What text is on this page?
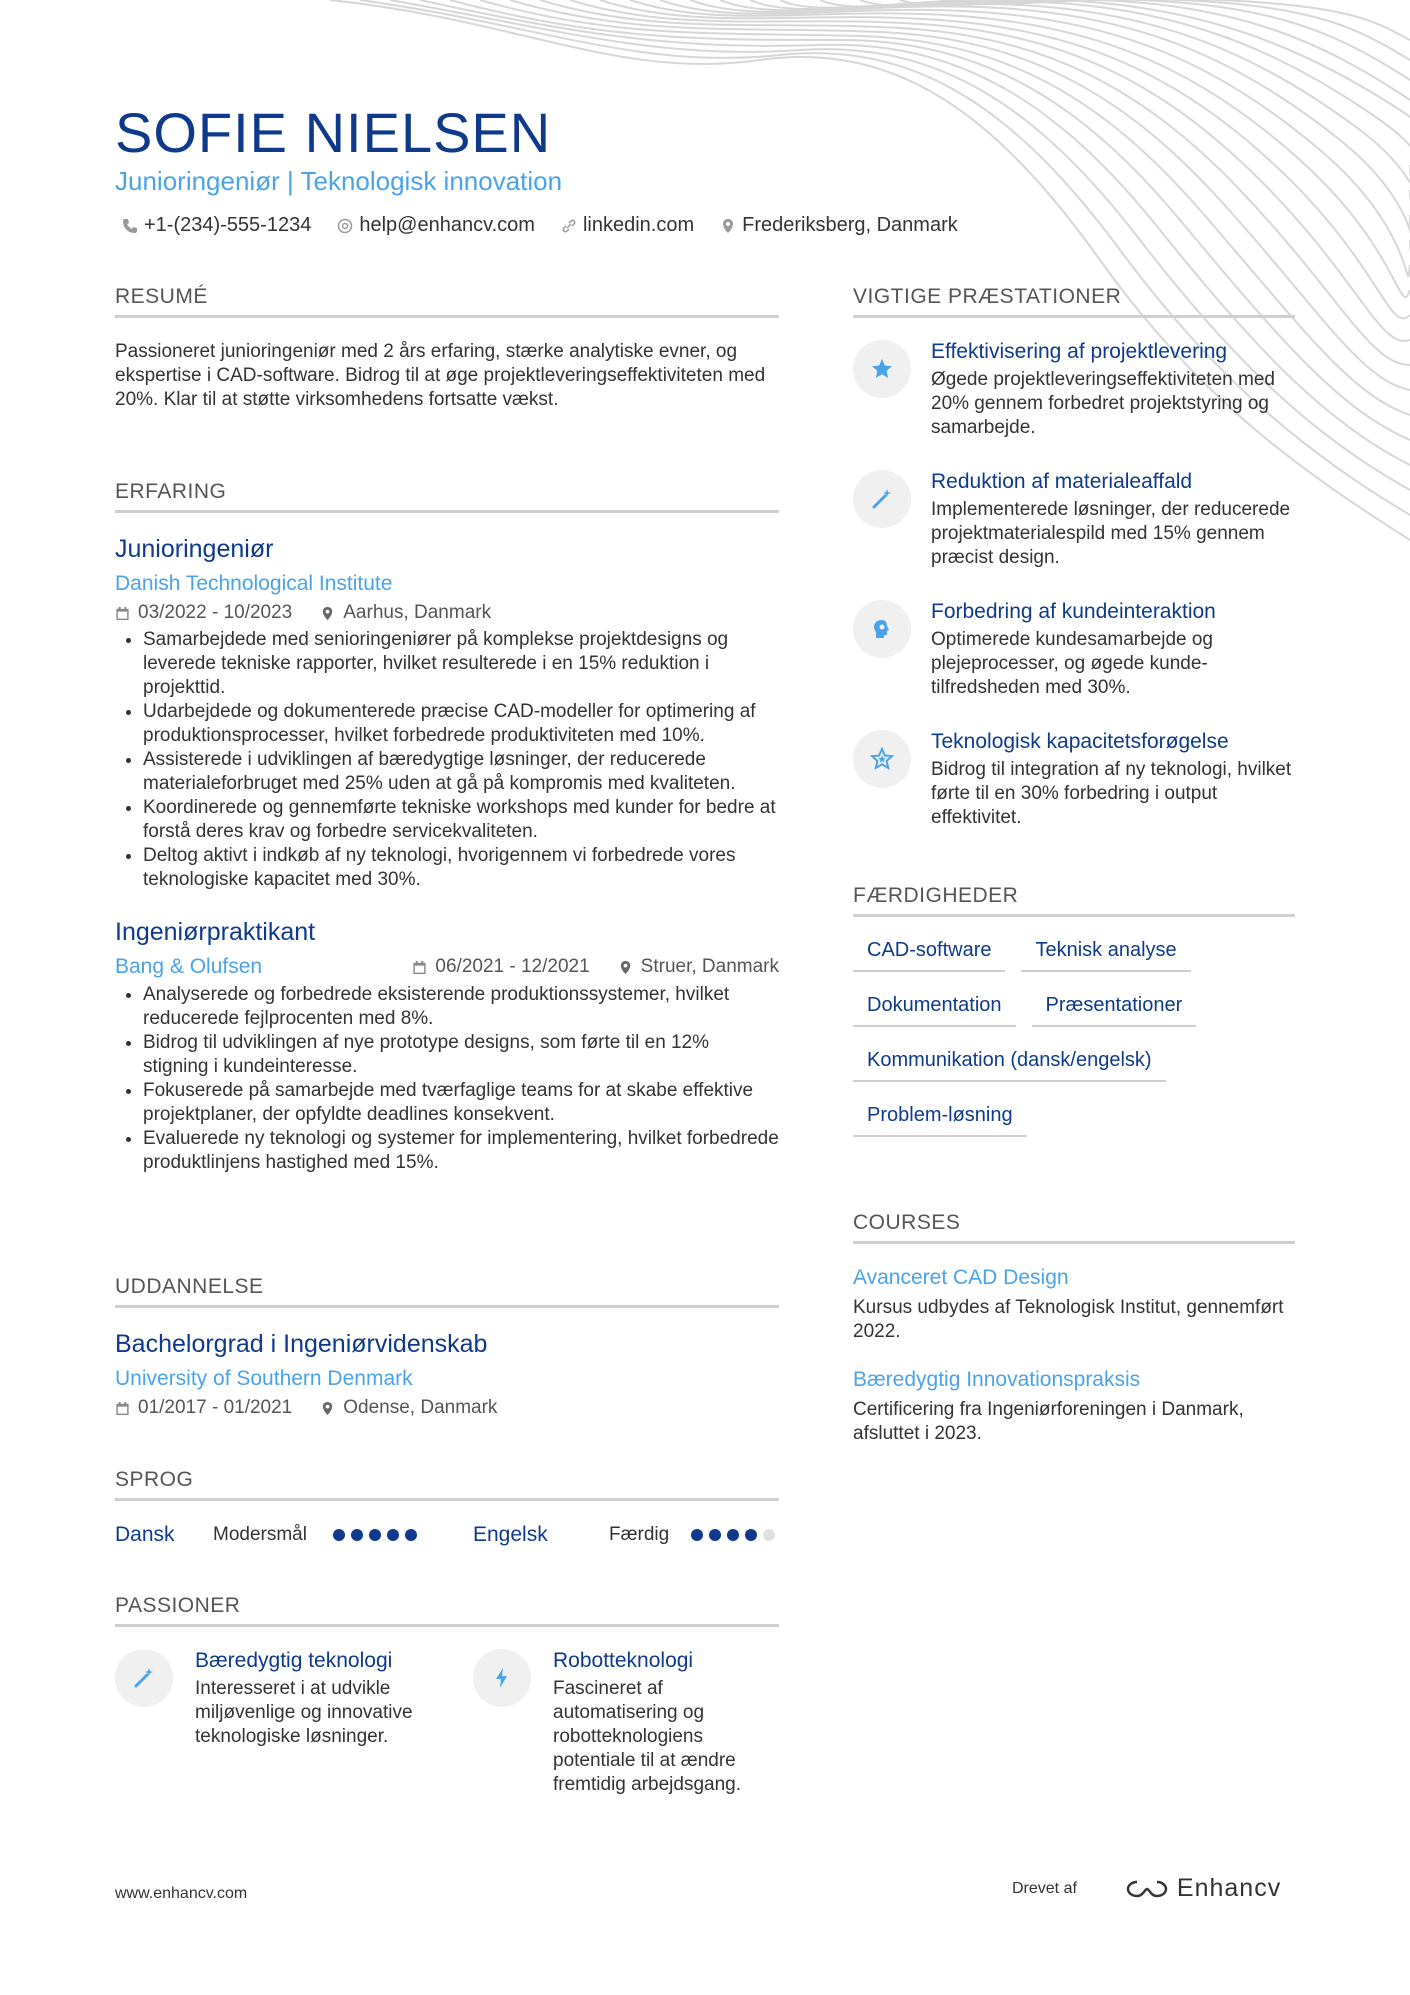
SOFIE NIELSEN
Junioringeniør | Teknologisk innovation
+1-(234)-555-1234 help@enhancv.com linkedin.com Frederiksberg, Danmark
RESUMÉ
Passioneret junioringeniør med 2 års erfaring, stærke analytiske evner, og ekspertise i CAD-software. Bidrog til at øge projektleveringseffektiviteten med 20%. Klar til at støtte virksomhedens fortsatte vækst.
ERFARING
Junioringeniør
Danish Technological Institute
03/2022 - 10/2023	Aarhus, Danmark
• Samarbejdede med senioringeniører på komplekse projektdesigns og leverede tekniske rapporter, hvilket resulterede i en 15% reduktion i projekttid.
• Udarbejdede og dokumenterede præcise CAD-modeller for optimering af produktionsprocesser, hvilket forbedrede produktiviteten med 10%.
• Assisterede i udviklingen af bæredygtige løsninger, der reducerede materialeforbruget med 25% uden at gå på kompromis med kvaliteten.
• Koordinerede og gennemførte tekniske workshops med kunder for bedre at forstå deres krav og forbedre servicekvaliteten.
• Deltog aktivt i indkøb af ny teknologi, hvorigennem vi forbedrede vores teknologiske kapacitet med 30%.
Ingeniørpraktikant
Bang & Olufsen	06/2021 - 12/2021	Struer, Danmark
• Analyserede og forbedrede eksisterende produktionssystemer, hvilket reducerede fejlprocenten med 8%.
• Bidrog til udviklingen af nye prototype designs, som førte til en 12% stigning i kundeinteresse.
• Fokuserede på samarbejde med tværfaglige teams for at skabe effektive projektplaner, der opfyldte deadlines konsekvent.
• Evaluerede ny teknologi og systemer for implementering, hvilket forbedrede produktlinjens hastighed med 15%.
UDDANNELSE
Bachelorgrad i Ingeniørvidenskab
University of Southern Denmark
01/2017 - 01/2021	Odense, Danmark
SPROG
Dansk	Modersmål	Engelsk	Færdig
PASSIONER
Bæredygtig teknologi
Interesseret i at udvikle miljøvenlige og innovative teknologiske løsninger.
Robotteknologi
Fascineret af automatisering og robotteknologiens potentiale til at ændre fremtidig arbejdsgang.
VIGTIGE PRÆSTATIONER
Effektivisering af projektlevering
Øgede projektleveringseffektiviteten med 20% gennem forbedret projektstyring og samarbejde.
Reduktion af materialeaffald
Implementerede løsninger, der reducerede projektmaterialespild med 15% gennem præcist design.
Forbedring af kundeinteraktion
Optimerede kundesamarbejde og plejeprocesser, og øgede kunde-tilfredsheden med 30%.
Teknologisk kapacitetsforøgelse
Bidrog til integration af ny teknologi, hvilket førte til en 30% forbedring i output effektivitet.
FÆRDIGHEDER
CAD-software	Teknisk analyse
Dokumentation	Præsentationer
Kommunikation (dansk/engelsk)
Problem-løsning
COURSES
Avanceret CAD Design
Kursus udbydes af Teknologisk Institut, gennemført 2022.
Bæredygtig Innovationspraksis
Certificering fra Ingeniørforeningen i Danmark, afsluttet i 2023.
www.enhancv.com	Drevet af	Enhancv
